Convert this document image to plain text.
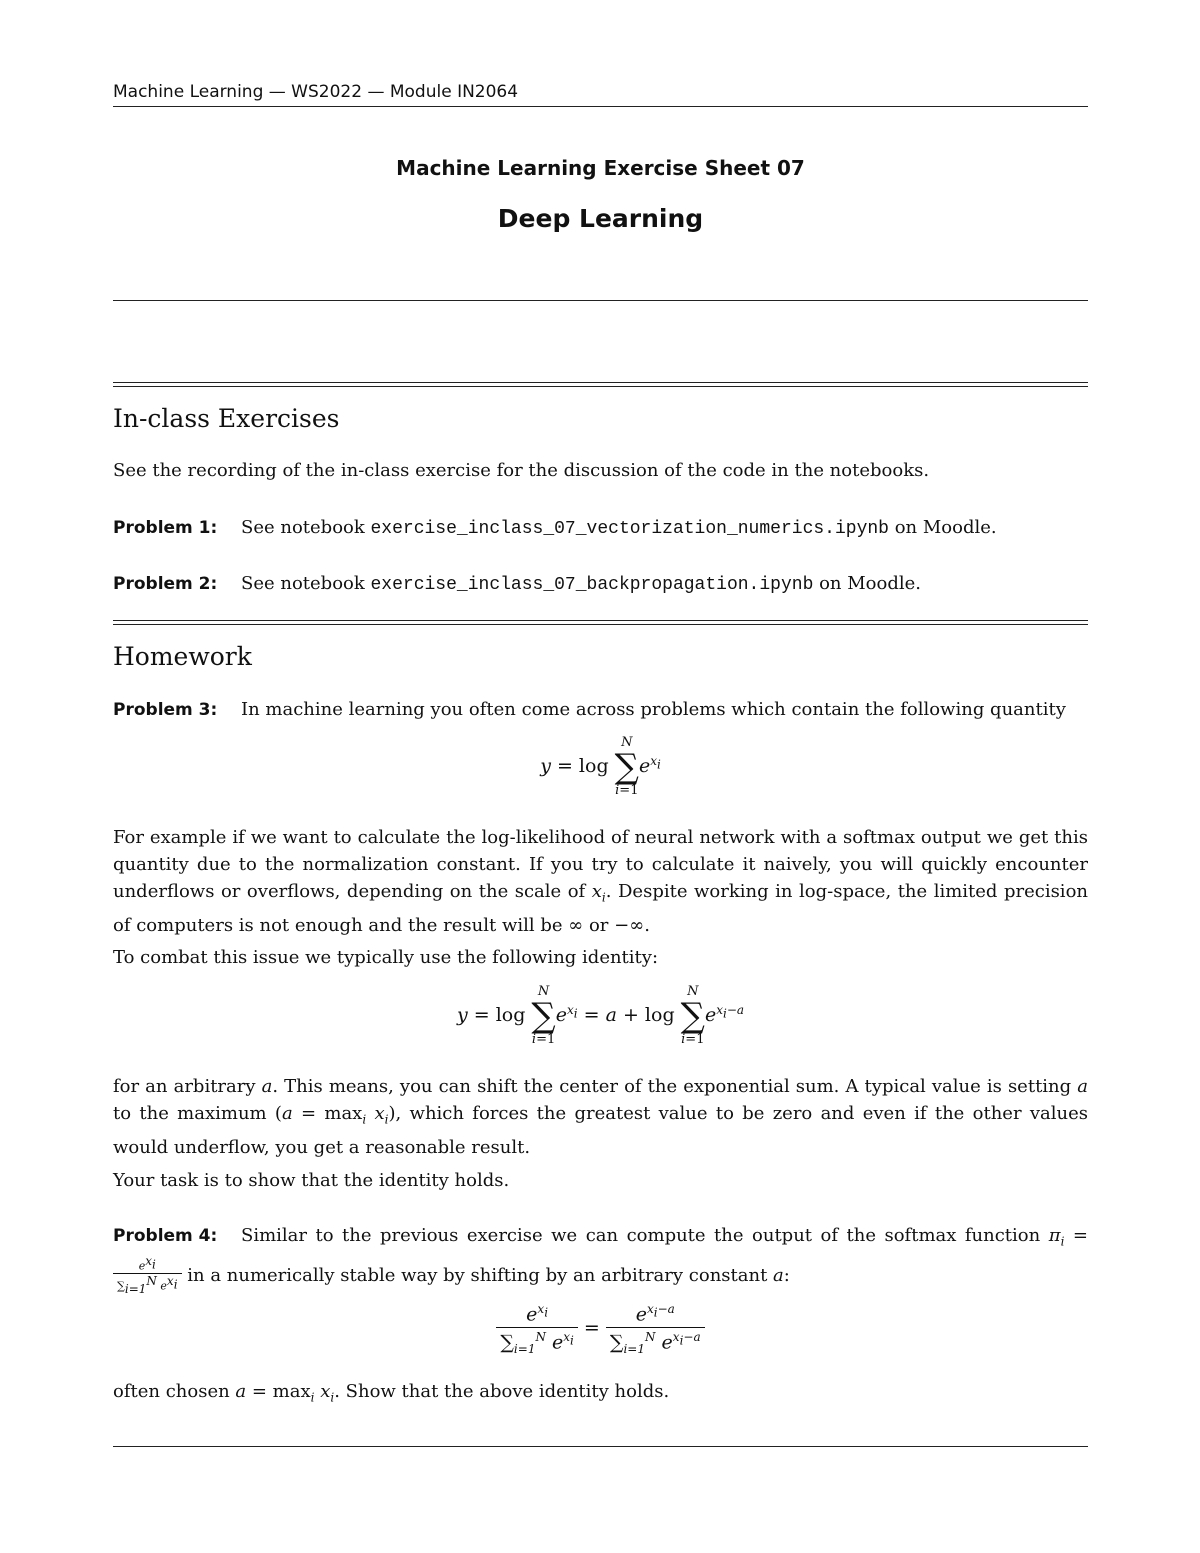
Machine Learning — WS2022 — Module IN2064
Machine Learning Exercise Sheet 07
Deep Learning
In-class Exercises
See the recording of the in-class exercise for the discussion of the code in the notebooks.
Problem 1: See notebook exercise_inclass_07_vectorization_numerics.ipynb on Moodle.
Problem 2: See notebook exercise_inclass_07_backpropagation.ipynb on Moodle.
Homework
Problem 3: In machine learning you often come across problems which contain the following quantity
y = log
N
∑
i=1
$e^{x_i}$
For example if we want to calculate the log-likelihood of neural network with a softmax output we get this quantity due to the normalization constant. If you try to calculate it naively, you will quickly encounter underflows or overflows, depending on the scale of $x_i$. Despite working in log-space, the limited precision of computers is not enough and the result will be ∞ or −∞.
To combat this issue we typically use the following identity:
y = log
N
∑
i=1
$e^{x_i} = a + \log$
N
∑
i=1
$e^{x_i-a}$
for an arbitrary a. This means, you can shift the center of the exponential sum. A typical value is setting a to the maximum $(a = \max_i x_i)$, which forces the greatest value to be zero and even if the other values would underflow, you get a reasonable result.
Your task is to show that the identity holds.
Problem 4: Similar to the previous exercise we can compute the output of the softmax function $\pi_i$ =
$\frac{e^{x_i}}{\sum_{i=1}^N e^{x_i}}$ in a numerically stable way by shifting by an arbitrary constant a:
$\frac{e^{x_i}}{\sum_{i=1}^N e^{x_i}} = \frac{e^{x_i-a}}{\sum_{i=1}^N e^{x_i-a}}$
often chosen $a = \max_i x_i$. Show that the above identity holds.
